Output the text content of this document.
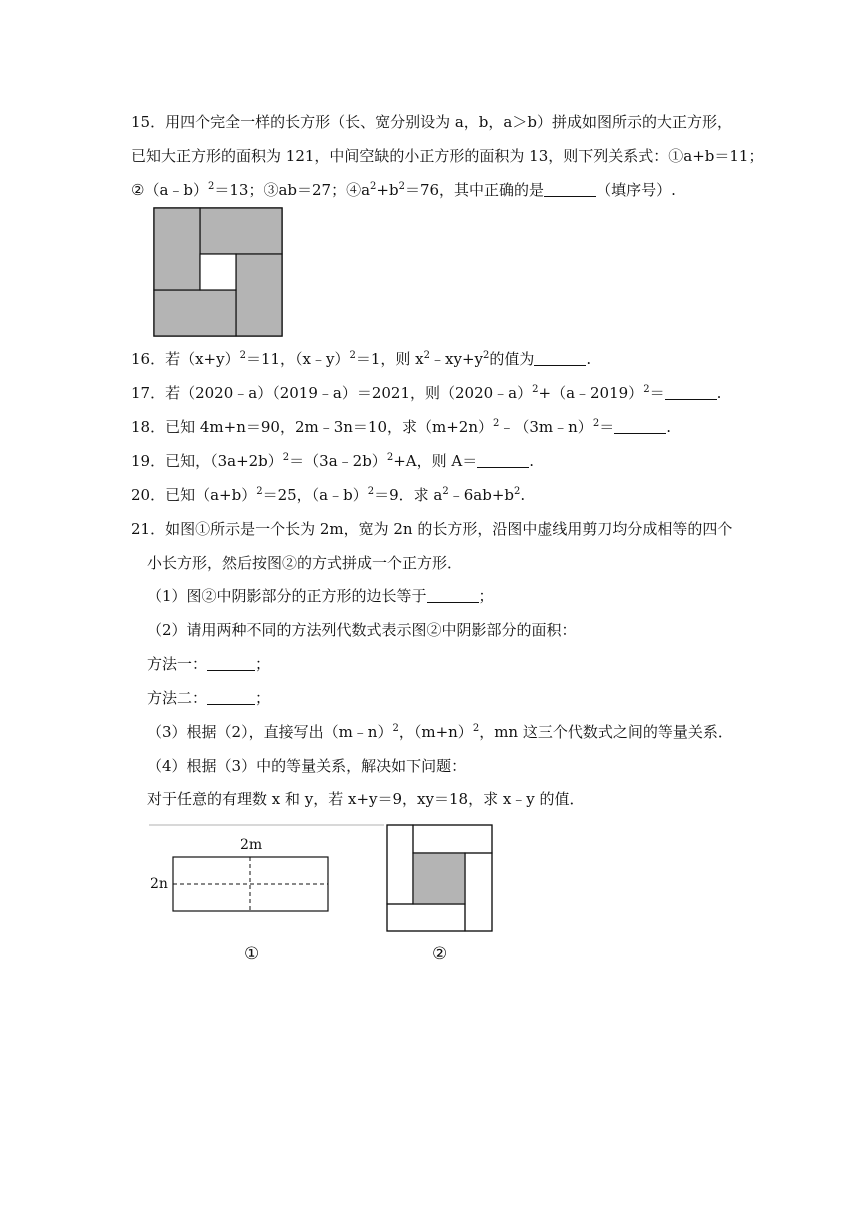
15．用四个完全一样的长方形（长、宽分别设为 a，b，a＞b）拼成如图所示的大正方形，
已知大正方形的面积为 121，中间空缺的小正方形的面积为 13，则下列关系式：①a+b＝11；
②（a﹣b）$^2$＝13；③ab＝27；$④a^2+b^2=76$，其中正确的是	（填序号）.
16．若$(x+y)^2=11$，（x﹣y）$^2$＝1，则 $x^2﹣xy+y^2$的值为	.
17．若（2020﹣a）（2019﹣a）＝2021，则（2020﹣a）$^2$+（a﹣2019）$^2$＝	.
18．已知 4m+n＝90，2m﹣3n＝10，求$(m+2n)^2﹣(3m﹣n)^2=$	.
19．已知，$(3a+2b)^2=(3a﹣2b)^2+A$，则 A＝	.
20．已知$(a+b)^2=25$，（a﹣b）$^2$＝9．求 $a^2﹣6ab+b^2$.
21．如图①所示是一个长为 2m，宽为 2n 的长方形，沿图中虚线用剪刀均分成相等的四个
小长方形，然后按图②的方式拼成一个正方形．
（1）图②中阴影部分的正方形的边长等于	；
（2）请用两种不同的方法列代数式表示图②中阴影部分的面积：
方法一：	；
方法二：	；
（3）根据（2），直接写出（m﹣n）$^2$，$(m+n)^2$，mn 这三个代数式之间的等量关系．
（4）根据（3）中的等量关系，解决如下问题：
对于任意的有理数 x 和 y，若 x+y＝9，xy＝18，求 x﹣y 的值．
2m
2n
①	②
